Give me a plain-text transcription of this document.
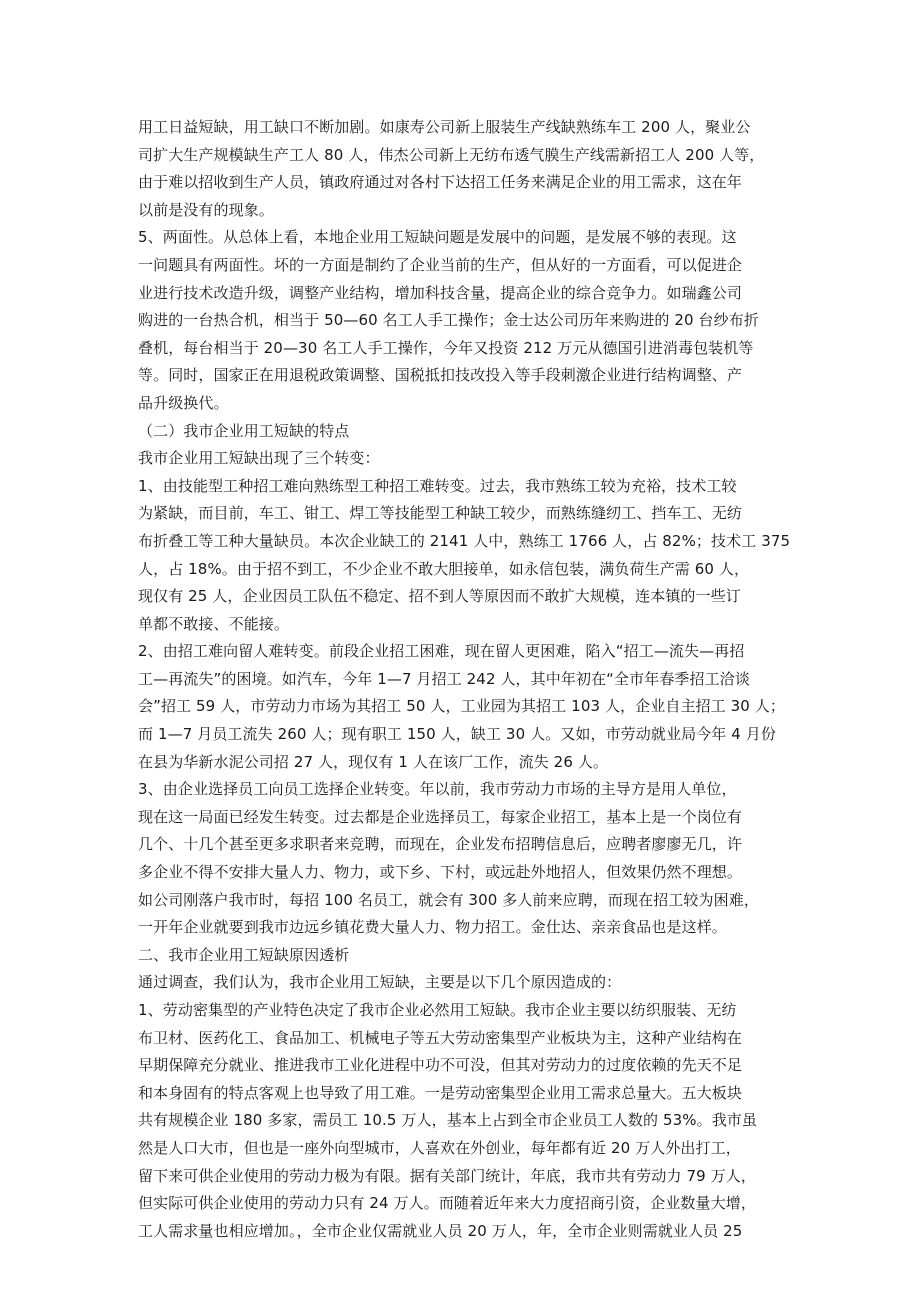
用工日益短缺，用工缺口不断加剧。如康寿公司新上服装生产线缺熟练车工 200 人，聚业公
司扩大生产规模缺生产工人 80 人，伟杰公司新上无纺布透气膜生产线需新招工人 200 人等，
由于难以招收到生产人员，镇政府通过对各村下达招工任务来满足企业的用工需求，这在年
以前是没有的现象。
5、两面性。从总体上看，本地企业用工短缺问题是发展中的问题，是发展不够的表现。这
一问题具有两面性。坏的一方面是制约了企业当前的生产，但从好的一方面看，可以促进企
业进行技术改造升级，调整产业结构，增加科技含量，提高企业的综合竞争力。如瑞鑫公司
购进的一台热合机，相当于 50—60 名工人手工操作；金士达公司历年来购进的 20 台纱布折
叠机，每台相当于 20—30 名工人手工操作，今年又投资 212 万元从德国引进消毒包装机等
等。同时，国家正在用退税政策调整、国税抵扣技改投入等手段刺激企业进行结构调整、产
品升级换代。
（二）我市企业用工短缺的特点
我市企业用工短缺出现了三个转变：
1、由技能型工种招工难向熟练型工种招工难转变。过去，我市熟练工较为充裕，技术工较
为紧缺，而目前，车工、钳工、焊工等技能型工种缺工较少，而熟练缝纫工、挡车工、无纺
布折叠工等工种大量缺员。本次企业缺工的 2141 人中，熟练工 1766 人，占 82%；技术工 375
人，占 18%。由于招不到工，不少企业不敢大胆接单，如永信包装，满负荷生产需 60 人，
现仅有 25 人，企业因员工队伍不稳定、招不到人等原因而不敢扩大规模，连本镇的一些订
单都不敢接、不能接。
2、由招工难向留人难转变。前段企业招工困难，现在留人更困难，陷入“招工—流失—再招
工—再流失”的困境。如汽车，今年 1—7 月招工 242 人，其中年初在“全市年春季招工洽谈
会”招工 59 人，市劳动力市场为其招工 50 人，工业园为其招工 103 人，企业自主招工 30 人；
而 1—7 月员工流失 260 人；现有职工 150 人，缺工 30 人。又如，市劳动就业局今年 4 月份
在县为华新水泥公司招 27 人，现仅有 1 人在该厂工作，流失 26 人。
3、由企业选择员工向员工选择企业转变。年以前，我市劳动力市场的主导方是用人单位，
现在这一局面已经发生转变。过去都是企业选择员工，每家企业招工，基本上是一个岗位有
几个、十几个甚至更多求职者来竞聘，而现在，企业发布招聘信息后，应聘者廖廖无几，许
多企业不得不安排大量人力、物力，或下乡、下村，或远赴外地招人，但效果仍然不理想。
如公司刚落户我市时，每招 100 名员工，就会有 300 多人前来应聘，而现在招工较为困难，
一开年企业就要到我市边远乡镇花费大量人力、物力招工。金仕达、亲亲食品也是这样。
二、我市企业用工短缺原因透析
通过调查，我们认为，我市企业用工短缺，主要是以下几个原因造成的：
1、劳动密集型的产业特色决定了我市企业必然用工短缺。我市企业主要以纺织服装、无纺
布卫材、医药化工、食品加工、机械电子等五大劳动密集型产业板块为主，这种产业结构在
早期保障充分就业、推进我市工业化进程中功不可没，但其对劳动力的过度依赖的先天不足
和本身固有的特点客观上也导致了用工难。一是劳动密集型企业用工需求总量大。五大板块
共有规模企业 180 多家，需员工 10.5 万人，基本上占到全市企业员工人数的 53%。我市虽
然是人口大市，但也是一座外向型城市，人喜欢在外创业，每年都有近 20 万人外出打工，
留下来可供企业使用的劳动力极为有限。据有关部门统计，年底，我市共有劳动力 79 万人，
但实际可供企业使用的劳动力只有 24 万人。而随着近年来大力度招商引资，企业数量大增，
工人需求量也相应增加。，全市企业仅需就业人员 20 万人，年，全市企业则需就业人员 25
